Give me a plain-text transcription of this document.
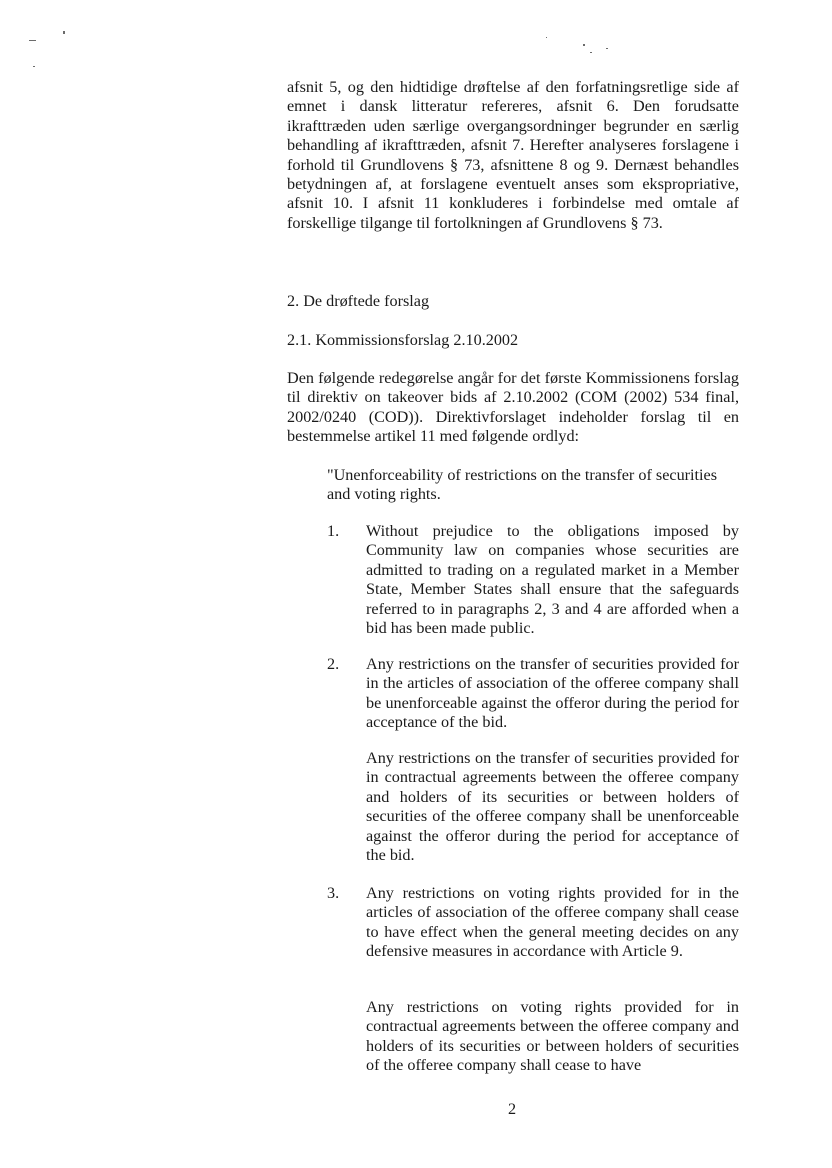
afsnit 5, og den hidtidige drøftelse af den forfatningsretlige side af emnet i dansk litteratur refereres, afsnit 6. Den forudsatte ikrafttræden uden særlige overgangsordninger begrunder en særlig behandling af ikrafttræden, afsnit 7. Herefter analyseres forslagene i forhold til Grundlovens § 73, afsnittene 8 og 9. Dernæst behandles betydningen af, at forslagene eventuelt anses som ekspropriative, afsnit 10. I afsnit 11 konkluderes i forbindelse med omtale af forskellige tilgange til fortolkningen af Grundlovens § 73.

2. De drøftede forslag
2.1. Kommissionsforslag 2.10.2002

Den følgende redegørelse angår for det første Kommissionens forslag til direktiv on takeover bids af 2.10.2002 (COM (2002) 534 final, 2002/0240 (COD)). Direktivforslaget indeholder forslag til en bestemmelse artikel 11 med følgende ordlyd:

"Unenforceability of restrictions on the transfer of securities and voting rights.

1. Without prejudice to the obligations imposed by Community law on companies whose securities are admitted to trading on a regulated market in a Member State, Member States shall ensure that the safeguards referred to in paragraphs 2, 3 and 4 are afforded when a bid has been made public.

2. Any restrictions on the transfer of securities provided for in the articles of association of the offeree company shall be unenforceable against the offeror during the period for acceptance of the bid.

Any restrictions on the transfer of securities provided for in contractual agreements between the offeree company and holders of its securities or between holders of securities of the offeree company shall be unenforceable against the offeror during the period for acceptance of the bid.

3. Any restrictions on voting rights provided for in the articles of association of the offeree company shall cease to have effect when the general meeting decides on any defensive measures in accordance with Article 9.

Any restrictions on voting rights provided for in contractual agreements between the offeree company and holders of its securities or between holders of securities of the offeree company shall cease to have

2
